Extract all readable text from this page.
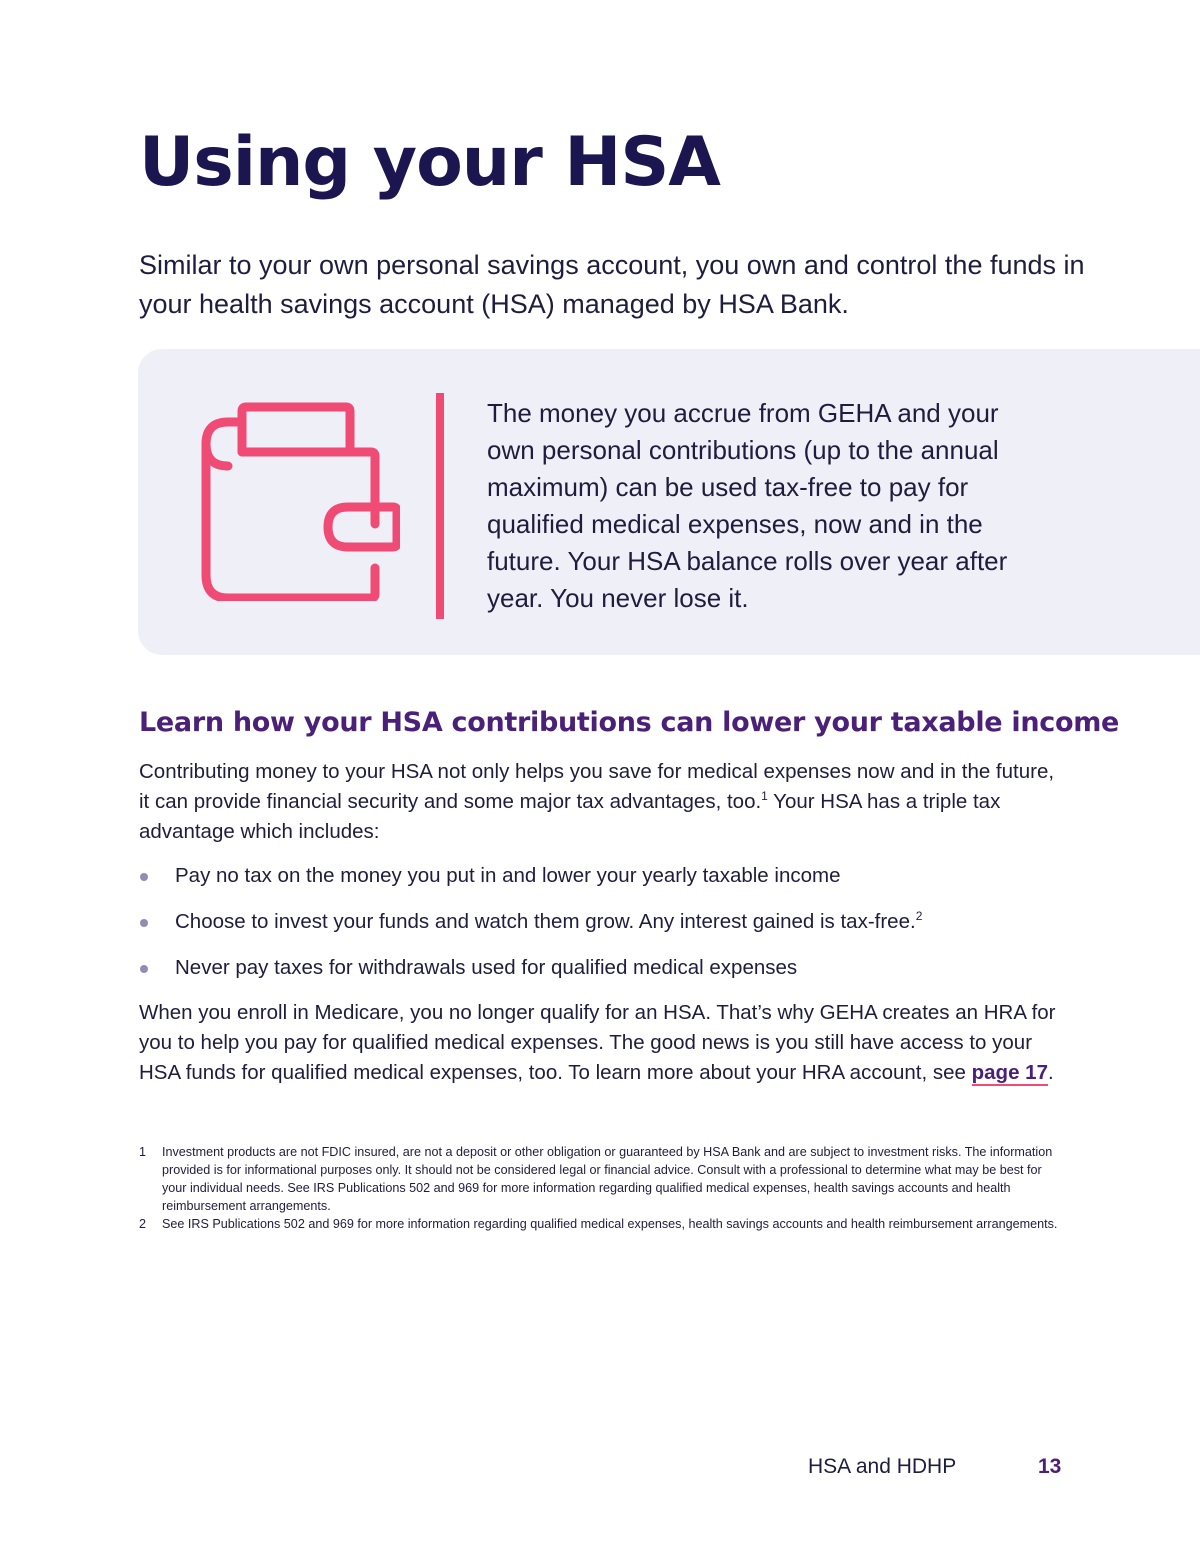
Using your HSA

Similar to your own personal savings account, you own and control the funds in your health savings account (HSA) managed by HSA Bank.

The money you accrue from GEHA and your own personal contributions (up to the annual maximum) can be used tax-free to pay for qualified medical expenses, now and in the future. Your HSA balance rolls over year after year. You never lose it.

Learn how your HSA contributions can lower your taxable income

Contributing money to your HSA not only helps you save for medical expenses now and in the future, it can provide financial security and some major tax advantages, too.$^1$ Your HSA has a triple tax advantage which includes:

Pay no tax on the money you put in and lower your yearly taxable income
Choose to invest your funds and watch them grow. Any interest gained is tax-free.$^2$
Never pay taxes for withdrawals used for qualified medical expenses

When you enroll in Medicare, you no longer qualify for an HSA. That’s why GEHA creates an HRA for you to help you pay for qualified medical expenses. The good news is you still have access to your HSA funds for qualified medical expenses, too. To learn more about your HRA account, see page 17.

1 Investment products are not FDIC insured, are not a deposit or other obligation or guaranteed by HSA Bank and are subject to investment risks. The information provided is for informational purposes only. It should not be considered legal or financial advice. Consult with a professional to determine what may be best for your individual needs. See IRS Publications 502 and 969 for more information regarding qualified medical expenses, health savings accounts and health reimbursement arrangements.
2 See IRS Publications 502 and 969 for more information regarding qualified medical expenses, health savings accounts and health reimbursement arrangements.
HSA and HDHP	13
